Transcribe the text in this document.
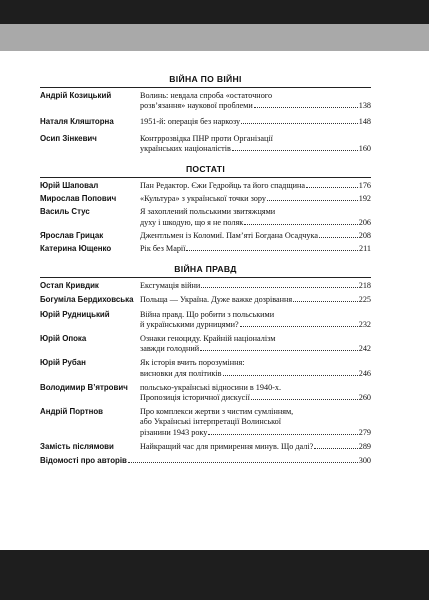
ВІЙНА ПО ВІЙНІ
Андрій Козицький	Волинь: невдала спроба «остаточного
розв’язання» наукової проблеми	138
Наталя Кляшторна	1951-й: операція без наркозу	148
Осип Зінкевич	Контррозвідка ПНР проти Організації
українських націоналістів	160
ПОСТАТІ
Юрій Шаповал	Пан Редактор. Єжи Гедройць та його спадщина	176
Мирослав Попович	«Культура» з української точки зору	192
Василь Стус	Я захоплений польськими звитяжцями
духу і шкодую, що я не поляк	206
Ярослав Грицак	Джентльмен із Коломиї. Пам’яті Богдана Осадчука	208
Катерина Ющенко	Рік без Марії	211
ВІЙНА ПРАВД
Остап Кривдик	Ексгумація війни	218
Богуміла Бердиховська Польща — Україна. Дуже важке дозрівання	225
Юрій Рудницький	Війна правд. Що робити з польськими
й українськими дурницями?	232
Юрій Опока	Ознаки геноциду. Крайній націоналізм
завжди голодний	242
Юрій Рубан	Як історія вчить порозуміння:
висновки для політиків	246
Володимир В’ятрович	польсько-українські відносини в 1940-х.
Пропозиція історичної дискусії	260
Андрій Портнов	Про комплекси жертви з чистим сумлінням,
або Українські інтерпретації Волинської
різанини 1943 року	279
Замість післямови	Найкращий час для примирення минув. Що далі?	289
Відомості про авторів	300
